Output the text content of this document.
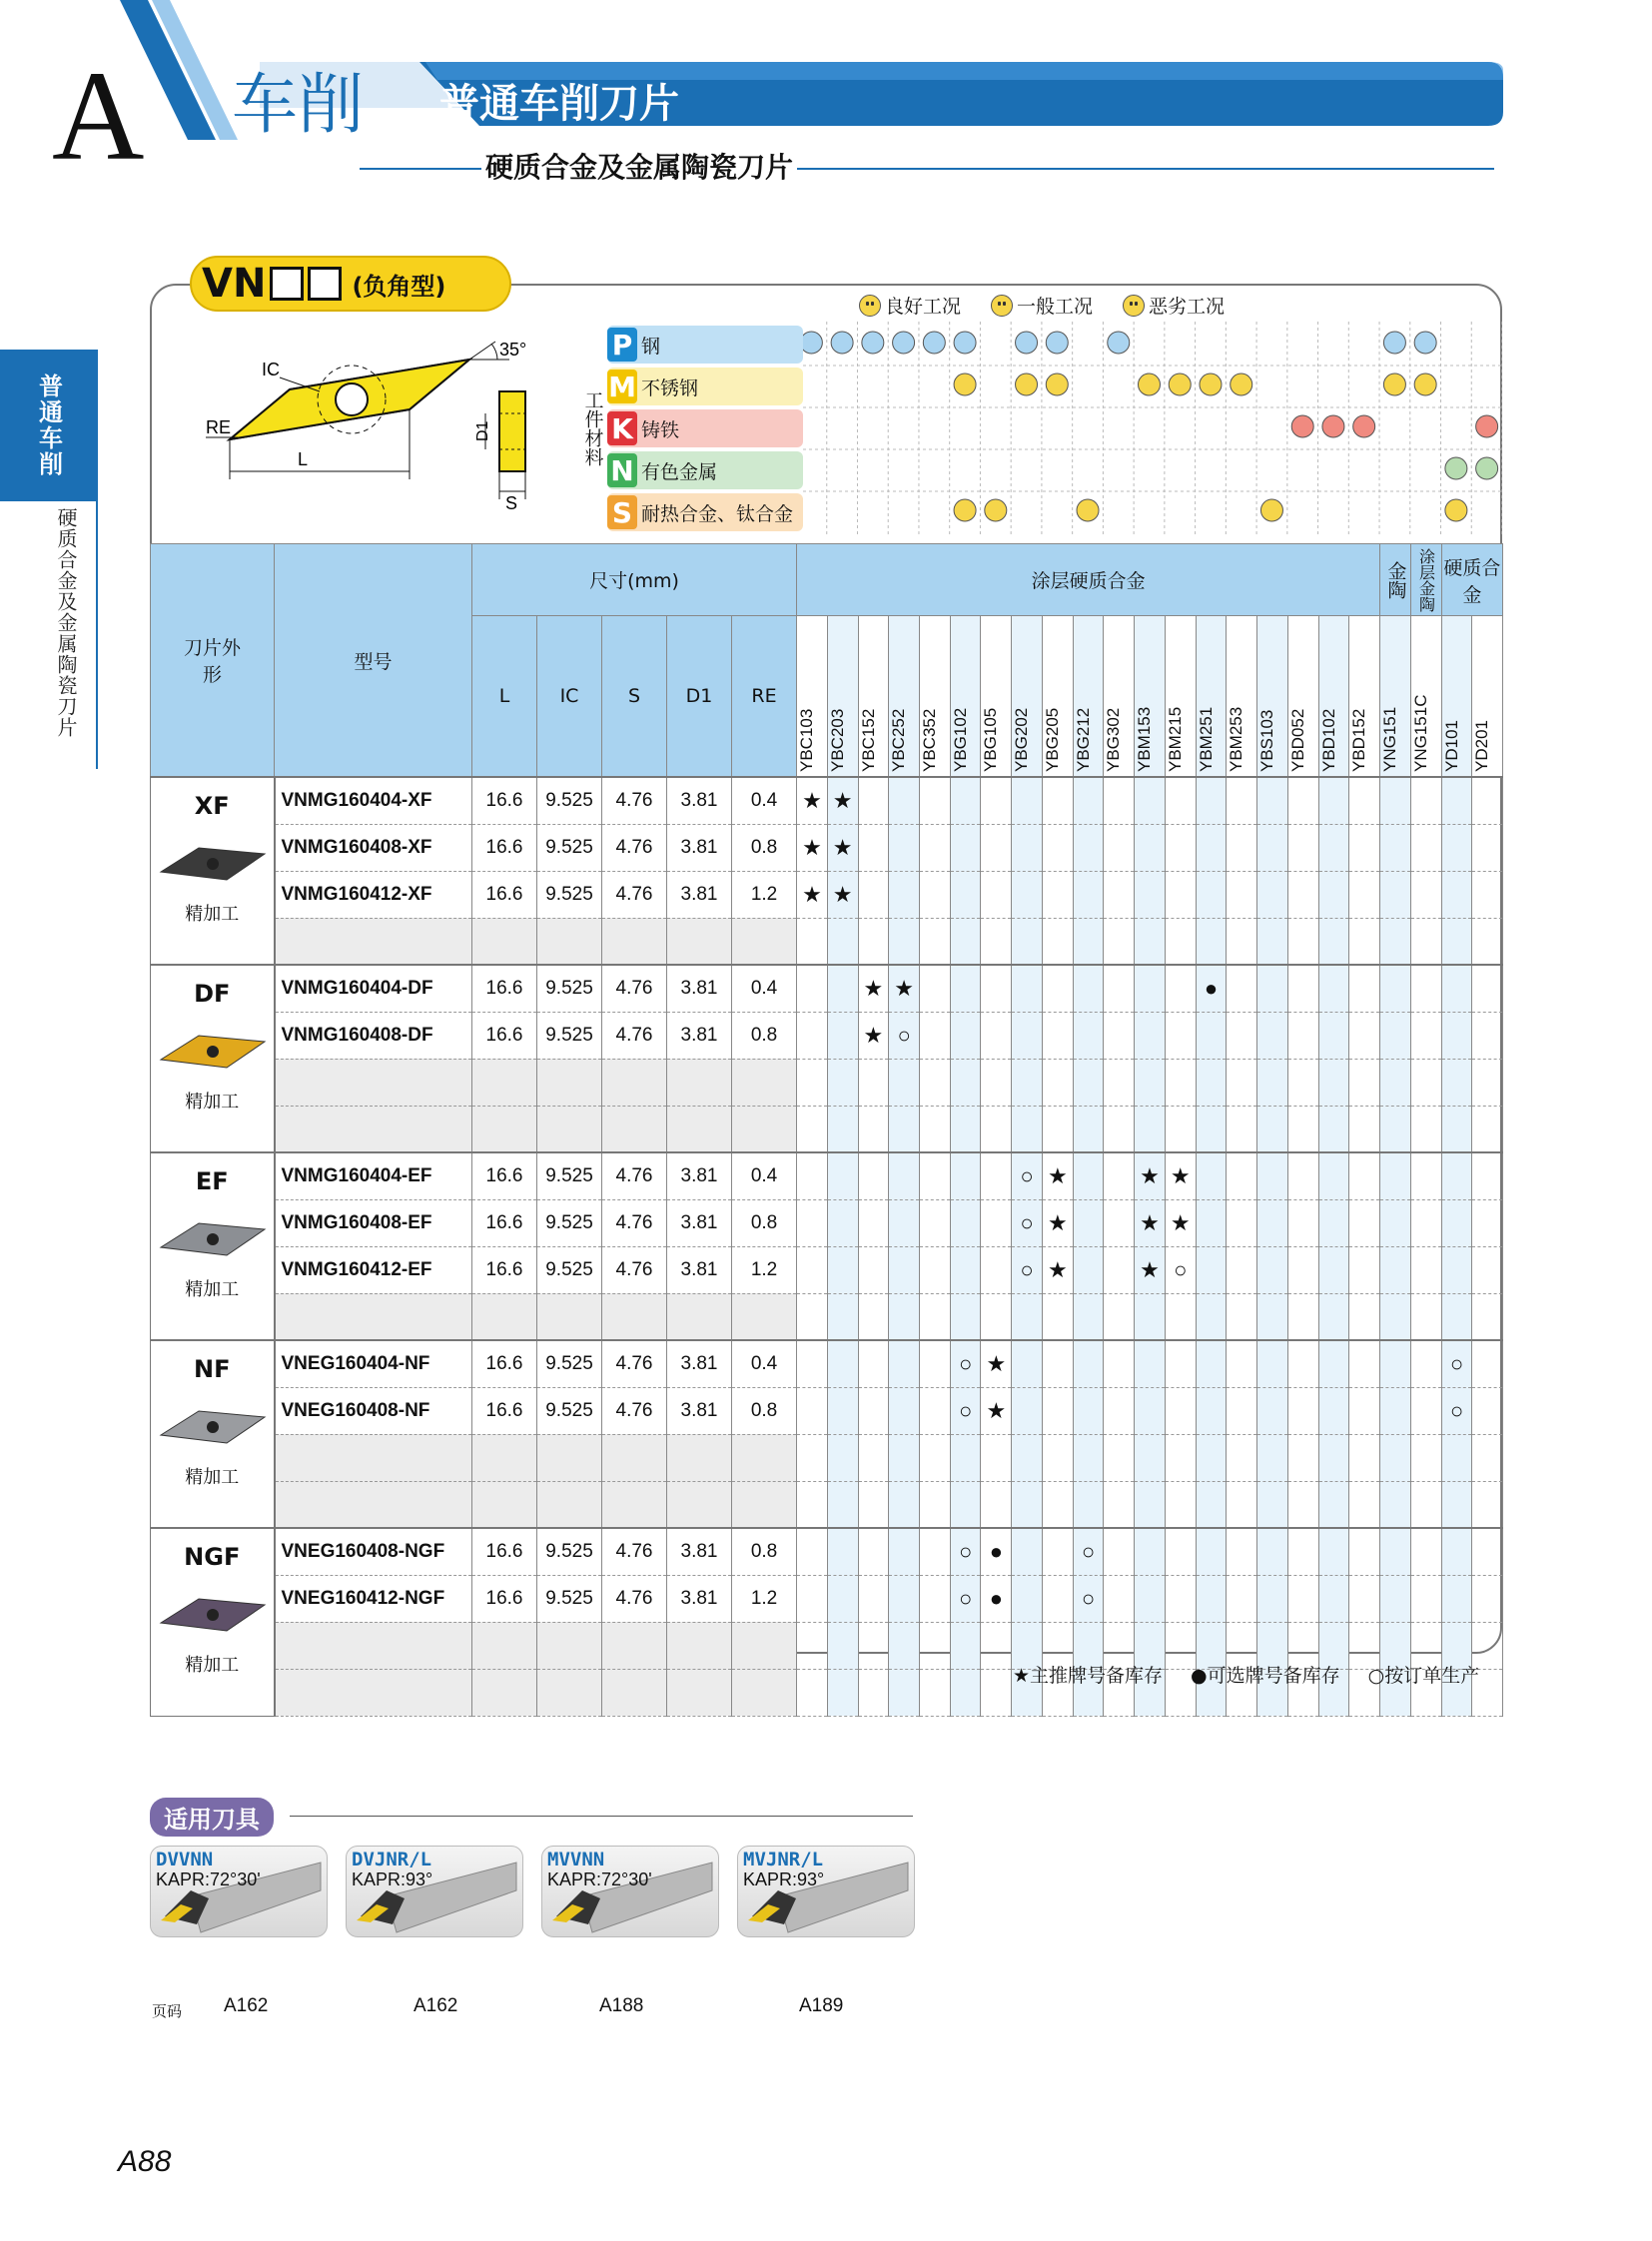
A 车削 普通车削刀片
硬质合金及金属陶瓷刀片
普通车削
硬质合金及金属陶瓷刀片
VN	(负角型)
35°
L
IC
RE	D1
S
良好工况	一般工况	恶劣工况
工件材料
P 钢
M 不锈钢
K 铸铁
N 有色金属
S 耐热合金、钛合金
刀片外形	型号	尺寸(mm)					涂层硬质合金																			金陶	涂层金陶	硬质合金	
		L	IC	S	D1	RE	YBC103	YBC203	YBC152	YBC252	YBC352	YBG102	YBG105	YBG202	YBG205	YBG212	YBG302	YBM153	YBM215	YBM251	YBM253	YBS103	YBD052	YBD102	YBD152	YNG151	YNG151C	YD101	YD201

XF
精加工	VNMG160404-XF	16.6	9.525	4.76	3.81	0.4	★	★																					
	VNMG160408-XF	16.6	9.525	4.76	3.81	0.8	★	★																					
	VNMG160412-XF	16.6	9.525	4.76	3.81	1.2	★	★																					

DF
精加工	VNMG160404-DF	16.6	9.525	4.76	3.81	0.4			★	★										●									
	VNMG160408-DF	16.6	9.525	4.76	3.81	0.8			★	○																			

EF
精加工	VNMG160404-EF	16.6	9.525	4.76	3.81	0.4								○	★			★	★										
	VNMG160408-EF	16.6	9.525	4.76	3.81	0.8								○	★			★	★										
	VNMG160412-EF	16.6	9.525	4.76	3.81	1.2								○	★			★	○										

NF
精加工	VNEG160404-NF	16.6	9.525	4.76	3.81	0.4						○	★															○	
	VNEG160408-NF	16.6	9.525	4.76	3.81	0.8						○	★															○	

NGF
精加工	VNEG160408-NGF	16.6	9.525	4.76	3.81	0.8						○	●			○													
	VNEG160412-NGF	16.6	9.525	4.76	3.81	1.2						○	●			○													

★主推牌号备库存 ●可选牌号备库存 ○按订单生产
适用刀具
DVVNN
KAPR:72°30'
A162
DVJNR/L
KAPR:93°
A162
MVVNN
KAPR:72°30'
A188
MVJNR/L
KAPR:93°
A189
页码
A88
